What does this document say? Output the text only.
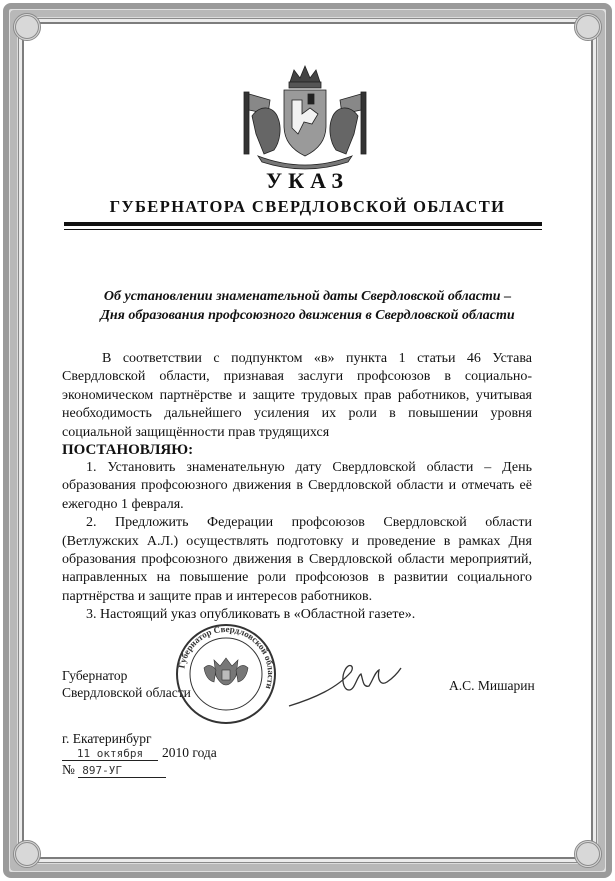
УКАЗ
ГУБЕРНАТОРА СВЕРДЛОВСКОЙ ОБЛАСТИ
Об установлении знаменательной даты Свердловской области –
Дня образования профсоюзного движения в Свердловской области

В соответствии с подпунктом «в» пункта 1 статьи 46 Устава Свердловской области, признавая заслуги профсоюзов в социально-экономическом партнёрстве и защите трудовых прав работников, учитывая необходимость дальнейшего усиления их роли в повышении уровня социальной защищённости прав трудящихся

ПОСТАНОВЛЯЮ:

1. Установить знаменательную дату Свердловской области – День образования профсоюзного движения в Свердловской области и отмечать её ежегодно 1 февраля.

2. Предложить Федерации профсоюзов Свердловской области (Ветлужских А.Л.) осуществлять подготовку и проведение в рамках Дня образования профсоюзного движения в Свердловской области мероприятий, направленных на повышение роли профсоюзов в развитии социального партнёрства и защите прав и интересов работников.

3. Настоящий указ опубликовать в «Областной газете».

Губернатор
Свердловской области
Губернатор Свердловской области	А.С. Мишарин
г. Екатеринбург
11 октября 2010 года
№ 897-УГ
